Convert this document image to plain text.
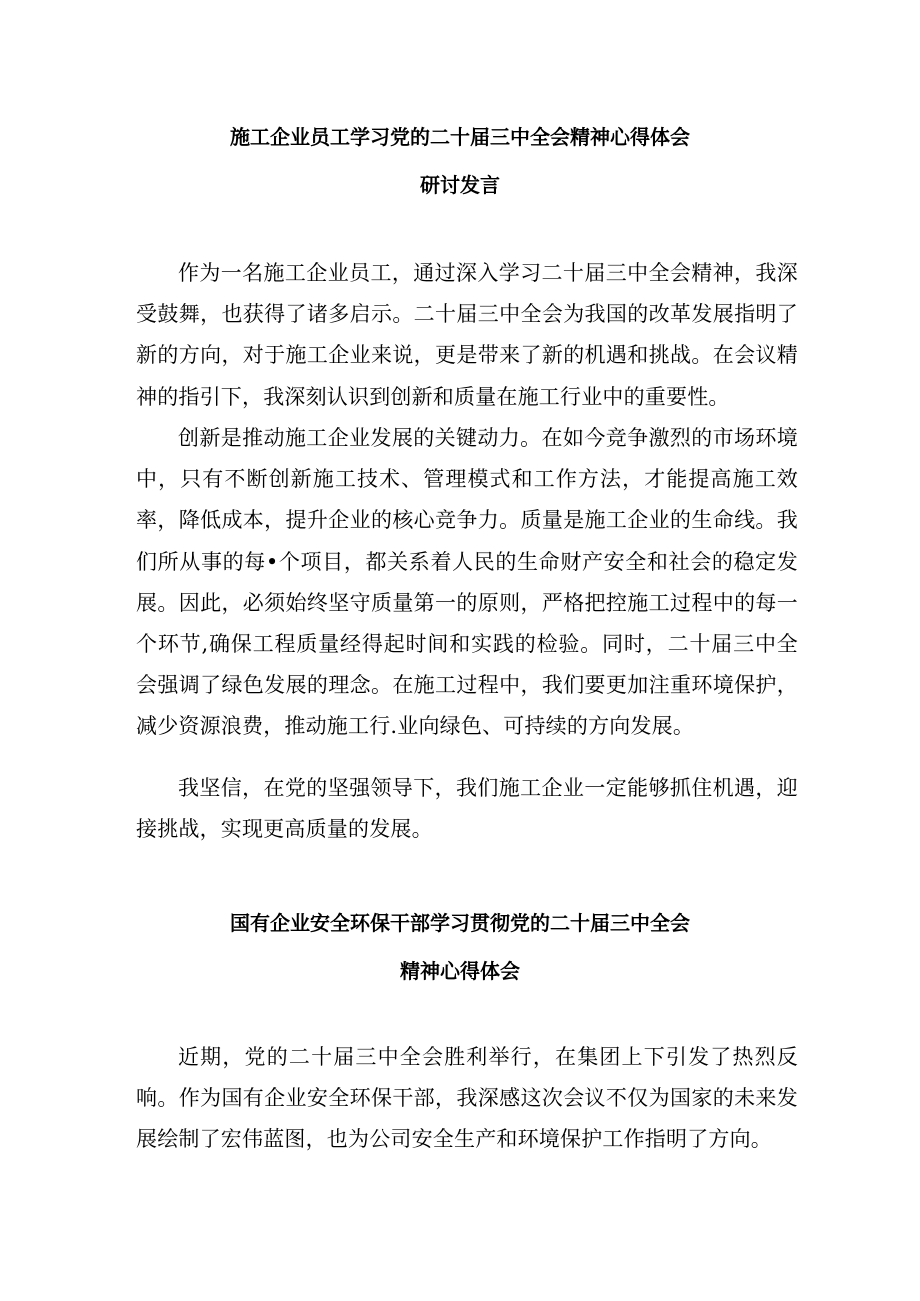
施工企业员工学习党的二十届三中全会精神心得体会
研讨发言

作为一名施工企业员工，通过深入学习二十届三中全会精神，我深受鼓舞，也获得了诸多启示。二十届三中全会为我国的改革发展指明了新的方向，对于施工企业来说，更是带来了新的机遇和挑战。在会议精神的指引下，我深刻认识到创新和质量在施工行业中的重要性。

创新是推动施工企业发展的关键动力。在如今竞争激烈的市场环境中，只有不断创新施工技术、管理模式和工作方法，才能提高施工效率，降低成本，提升企业的核心竞争力。质量是施工企业的生命线。我们所从事的每•个项目，都关系着人民的生命财产安全和社会的稳定发展。因此，必须始终坚守质量第一的原则，严格把控施工过程中的每一个环节,确保工程质量经得起时间和实践的检验。同时，二十届三中全会强调了绿色发展的理念。在施工过程中，我们要更加注重环境保护，减少资源浪费，推动施工行.业向绿色、可持续的方向发展。

我坚信，在党的坚强领导下，我们施工企业一定能够抓住机遇，迎接挑战，实现更高质量的发展。

国有企业安全环保干部学习贯彻党的二十届三中全会
精神心得体会

近期，党的二十届三中全会胜利举行，在集团上下引发了热烈反响。作为国有企业安全环保干部，我深感这次会议不仅为国家的未来发展绘制了宏伟蓝图，也为公司安全生产和环境保护工作指明了方向。
